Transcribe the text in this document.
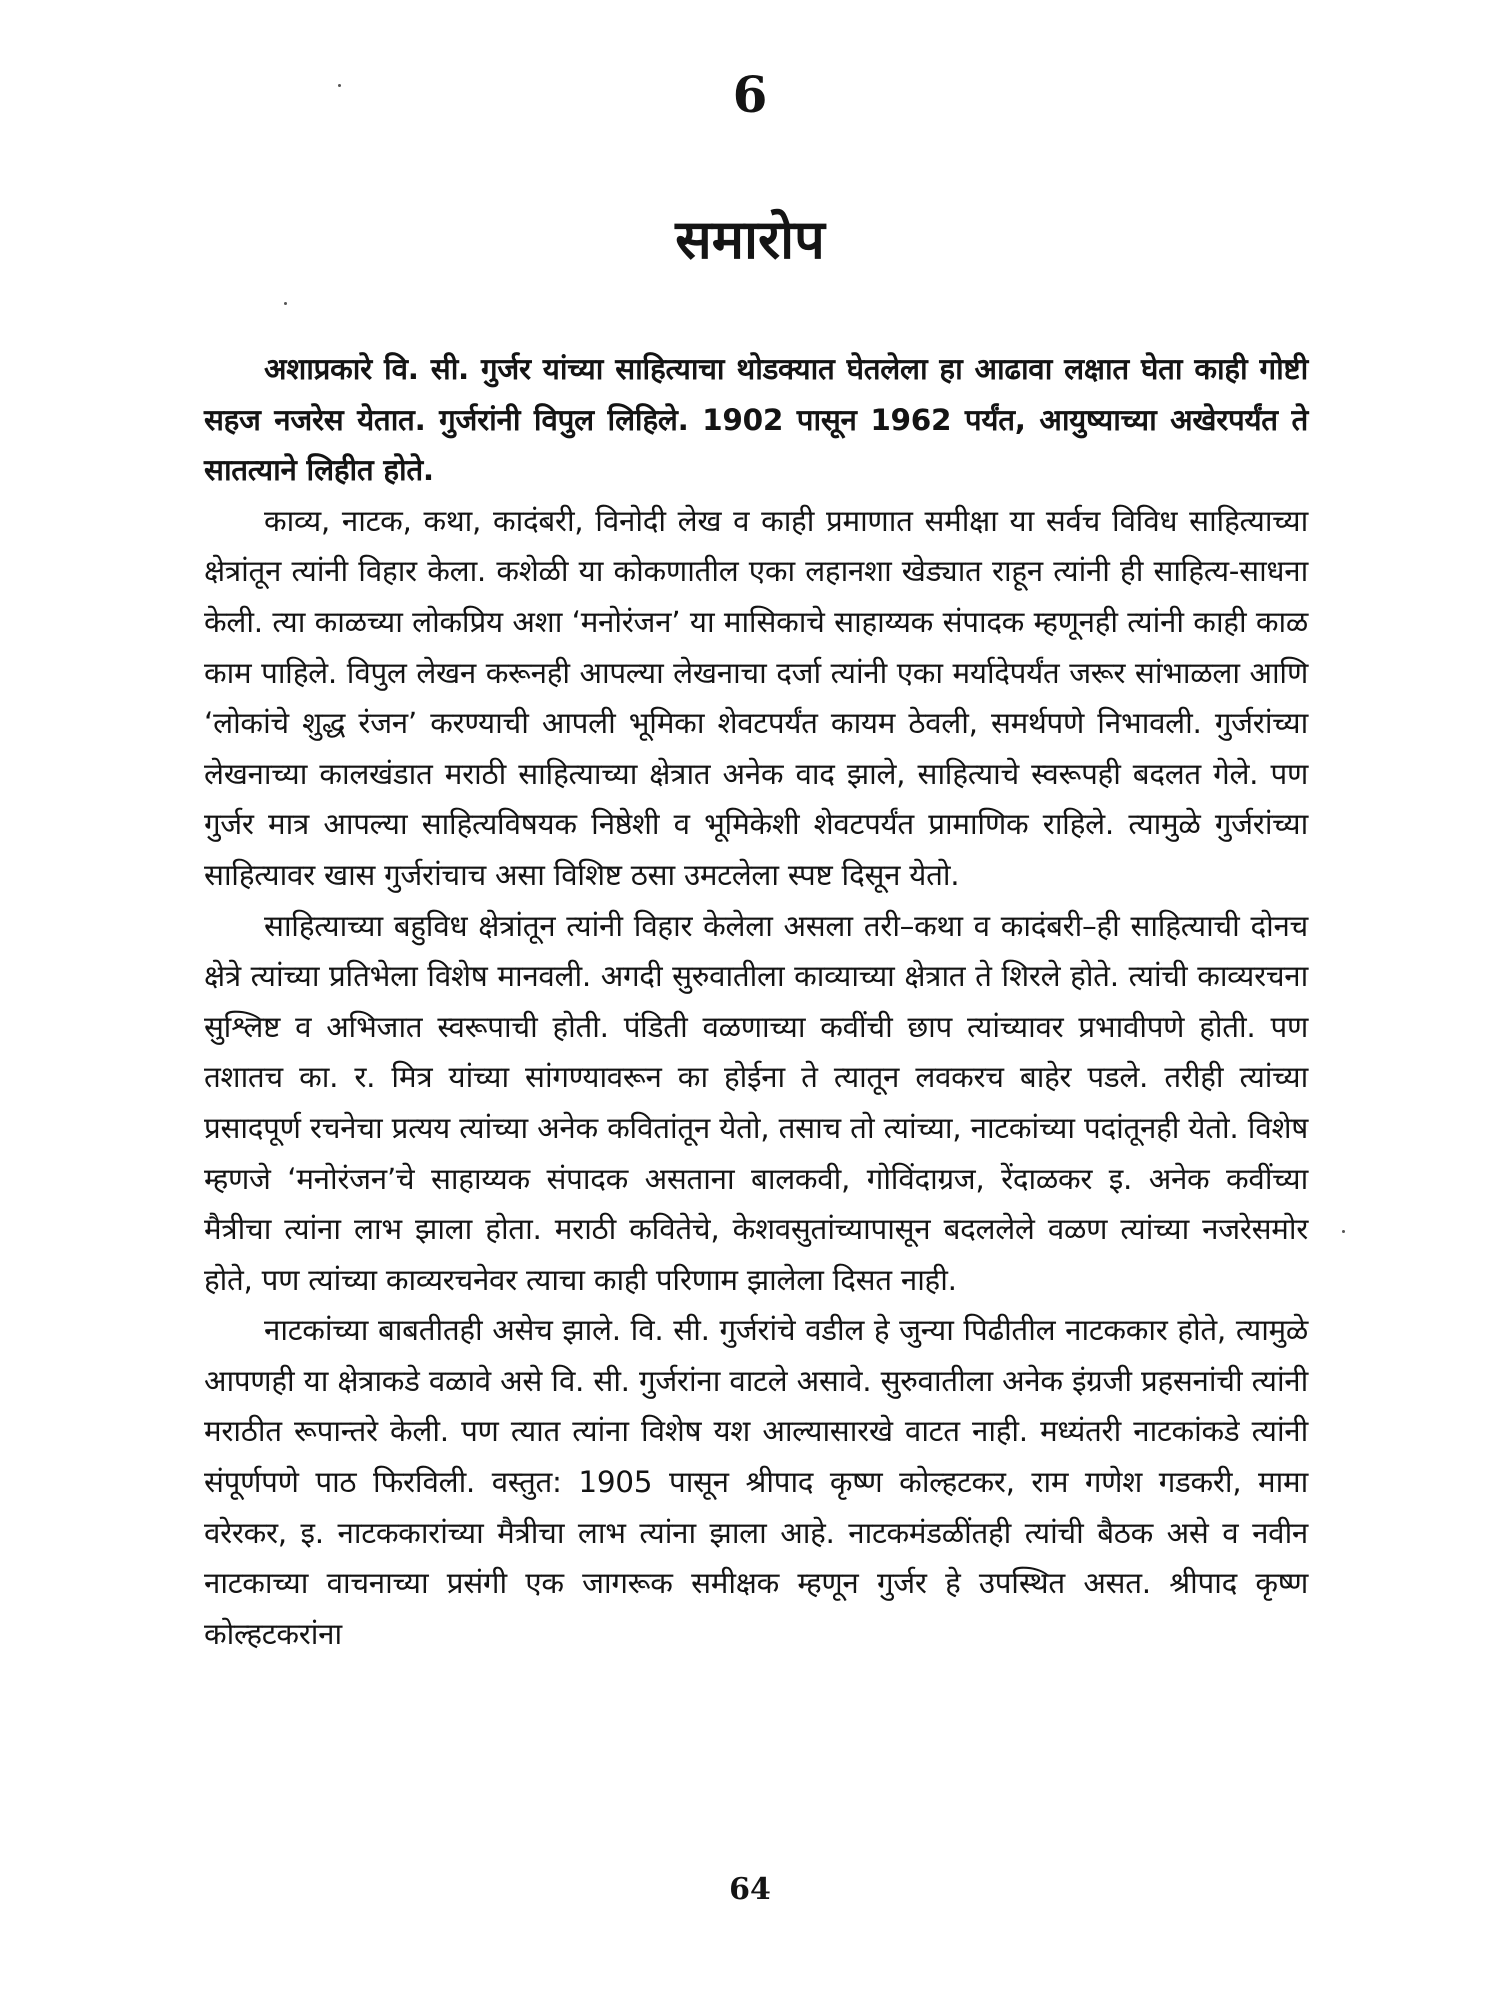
6
समारोप

अशाप्रकारे वि. सी. गुर्जर यांच्या साहित्याचा थोडक्यात घेतलेला हा आढावा लक्षात घेता काही गोष्टी सहज नजरेस येतात. गुर्जरांनी विपुल लिहिले. 1902 पासून 1962 पर्यंत, आयुष्याच्या अखेरपर्यंत ते सातत्याने लिहीत होते.

काव्य, नाटक, कथा, कादंबरी, विनोदी लेख व काही प्रमाणात समीक्षा या सर्वच विविध साहित्याच्या क्षेत्रांतून त्यांनी विहार केला. कशेळी या कोकणातील एका लहानशा खेड्यात राहून त्यांनी ही साहित्य-साधना केली. त्या काळच्या लोकप्रिय अशा ‘मनोरंजन’ या मासिकाचे साहाय्यक संपादक म्हणूनही त्यांनी काही काळ काम पाहिले. विपुल लेखन करूनही आपल्या लेखनाचा दर्जा त्यांनी एका मर्यादेपर्यंत जरूर सांभाळला आणि ‘लोकांचे शुद्ध रंजन’ करण्याची आपली भूमिका शेवटपर्यंत कायम ठेवली, समर्थपणे निभावली. गुर्जरांच्या लेखनाच्या कालखंडात मराठी साहित्याच्या क्षेत्रात अनेक वाद झाले, साहित्याचे स्वरूपही बदलत गेले. पण गुर्जर मात्र आपल्या साहित्यविषयक निष्ठेशी व भूमिकेशी शेवटपर्यंत प्रामाणिक राहिले. त्यामुळे गुर्जरांच्या साहित्यावर खास गुर्जरांचाच असा विशिष्ट ठसा उमटलेला स्पष्ट दिसून येतो.

साहित्याच्या बहुविध क्षेत्रांतून त्यांनी विहार केलेला असला तरी–कथा व कादंबरी–ही साहित्याची दोनच क्षेत्रे त्यांच्या प्रतिभेला विशेष मानवली. अगदी सुरुवातीला काव्याच्या क्षेत्रात ते शिरले होते. त्यांची काव्यरचना सुश्लिष्ट व अभिजात स्वरूपाची होती. पंडिती वळणाच्या कवींची छाप त्यांच्यावर प्रभावीपणे होती. पण तशातच का. र. मित्र यांच्या सांगण्यावरून का होईना ते त्यातून लवकरच बाहेर पडले. तरीही त्यांच्या प्रसादपूर्ण रचनेचा प्रत्यय त्यांच्या अनेक कवितांतून येतो, तसाच तो त्यांच्या, नाटकांच्या पदांतूनही येतो. विशेष म्हणजे ‘मनोरंजन’चे साहाय्यक संपादक असताना बालकवी, गोविंदाग्रज, रेंदाळकर इ. अनेक कवींच्या मैत्रीचा त्यांना लाभ झाला होता. मराठी कवितेचे, केशवसुतांच्यापासून बदललेले वळण त्यांच्या नजरेसमोर होते, पण त्यांच्या काव्यरचनेवर त्याचा काही परिणाम झालेला दिसत नाही.

नाटकांच्या बाबतीतही असेच झाले. वि. सी. गुर्जरांचे वडील हे जुन्या पिढीतील नाटककार होते, त्यामुळे आपणही या क्षेत्राकडे वळावे असे वि. सी. गुर्जरांना वाटले असावे. सुरुवातीला अनेक इंग्रजी प्रहसनांची त्यांनी मराठीत रूपान्तरे केली. पण त्यात त्यांना विशेष यश आल्यासारखे वाटत नाही. मध्यंतरी नाटकांकडे त्यांनी संपूर्णपणे पाठ फिरविली. वस्तुत: 1905 पासून श्रीपाद कृष्ण कोल्हटकर, राम गणेश गडकरी, मामा वरेरकर, इ. नाटककारांच्या मैत्रीचा लाभ त्यांना झाला आहे. नाटकमंडळींतही त्यांची बैठक असे व नवीन नाटकाच्या वाचनाच्या प्रसंगी एक जागरूक समीक्षक म्हणून गुर्जर हे उपस्थित असत. श्रीपाद कृष्ण कोल्हटकरांना

64
